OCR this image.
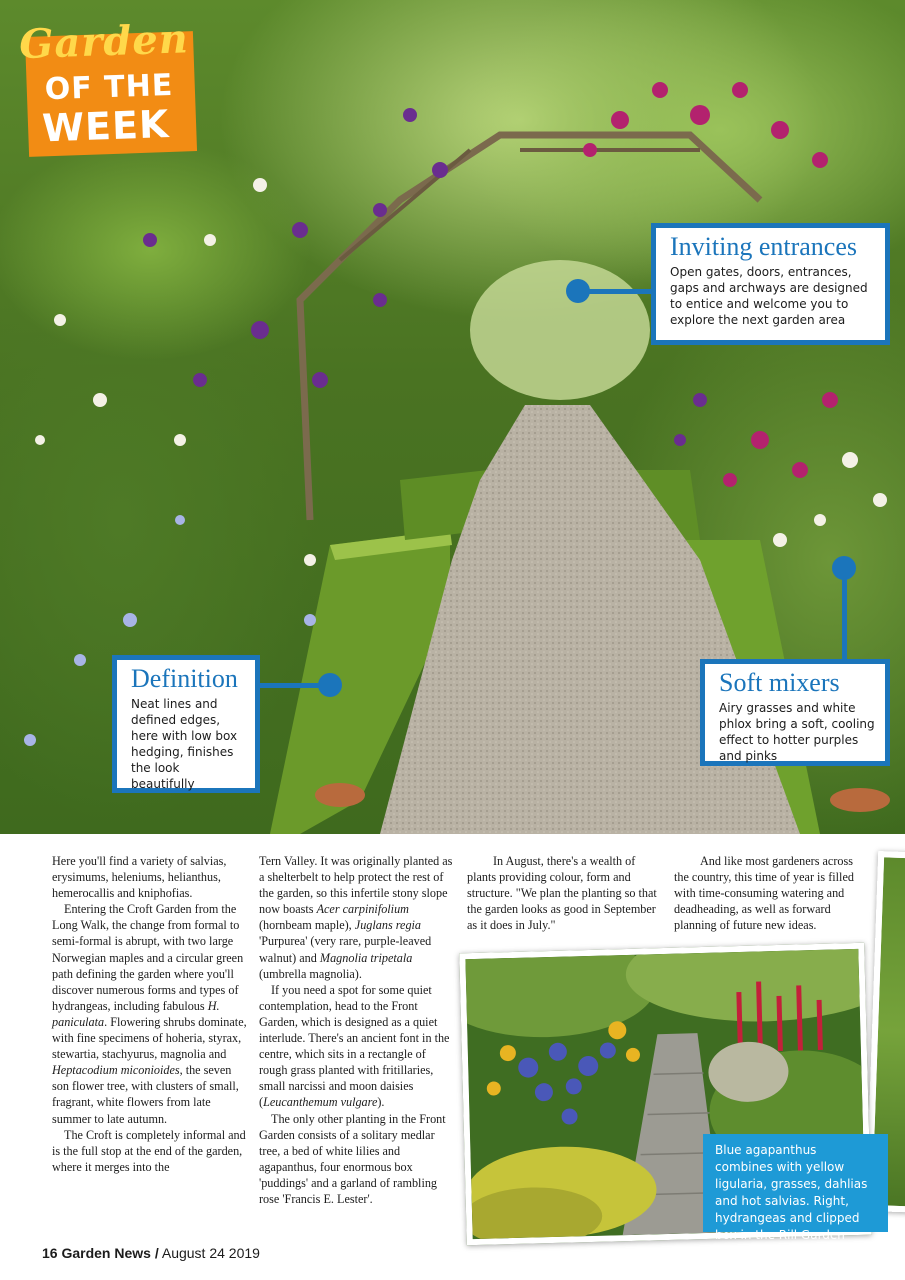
Garden
OF THE
WEEK
Inviting entrances

Open gates, doors, entrances, gaps and archways are designed to entice and welcome you to explore the next garden area

Definition

Neat lines and defined edges, here with low box hedging, finishes the look beautifully

Soft mixers

Airy grasses and white phlox bring a soft, cooling effect to hotter purples and pinks

Here you'll find a variety of salvias, erysimums, heleniums, helianthus, hemerocallis and kniphofias.

Entering the Croft Garden from the Long Walk, the change from formal to semi-formal is abrupt, with two large Norwegian maples and a circular green path defining the garden where you'll discover numerous forms and types of hydrangeas, including fabulous H. paniculata. Flowering shrubs dominate, with fine specimens of hoheria, styrax, stewartia, stachyurus, magnolia and Heptacodium miconioides, the seven son flower tree, with clusters of small, fragrant, white flowers from late summer to late autumn.

The Croft is completely informal and is the full stop at the end of the garden, where it merges into the

Tern Valley. It was originally planted as a shelterbelt to help protect the rest of the garden, so this infertile stony slope now boasts Acer carpinifolium (hornbeam maple), Juglans regia 'Purpurea' (very rare, purple-leaved walnut) and Magnolia tripetala (umbrella magnolia).

If you need a spot for some quiet contemplation, head to the Front Garden, which is designed as a quiet interlude. There's an ancient font in the centre, which sits in a rectangle of rough grass planted with fritillaries, small narcissi and moon daisies (Leucanthemum vulgare).

The only other planting in the Front Garden consists of a solitary medlar tree, a bed of white lilies and agapanthus, four enormous box 'puddings' and a garland of rambling rose 'Francis E. Lester'.

In August, there's a wealth of plants providing colour, form and structure. "We plan the planting so that the garden looks as good in September as it does in July."

And like most gardeners across the country, this time of year is filled with time-consuming watering and deadheading, as well as forward planning of future new ideas.

Blue agapanthus combines with yellow ligularia, grasses, dahlias and hot salvias. Right, hydrangeas and clipped box in the Rill Garden
16 Garden News / August 24 2019
